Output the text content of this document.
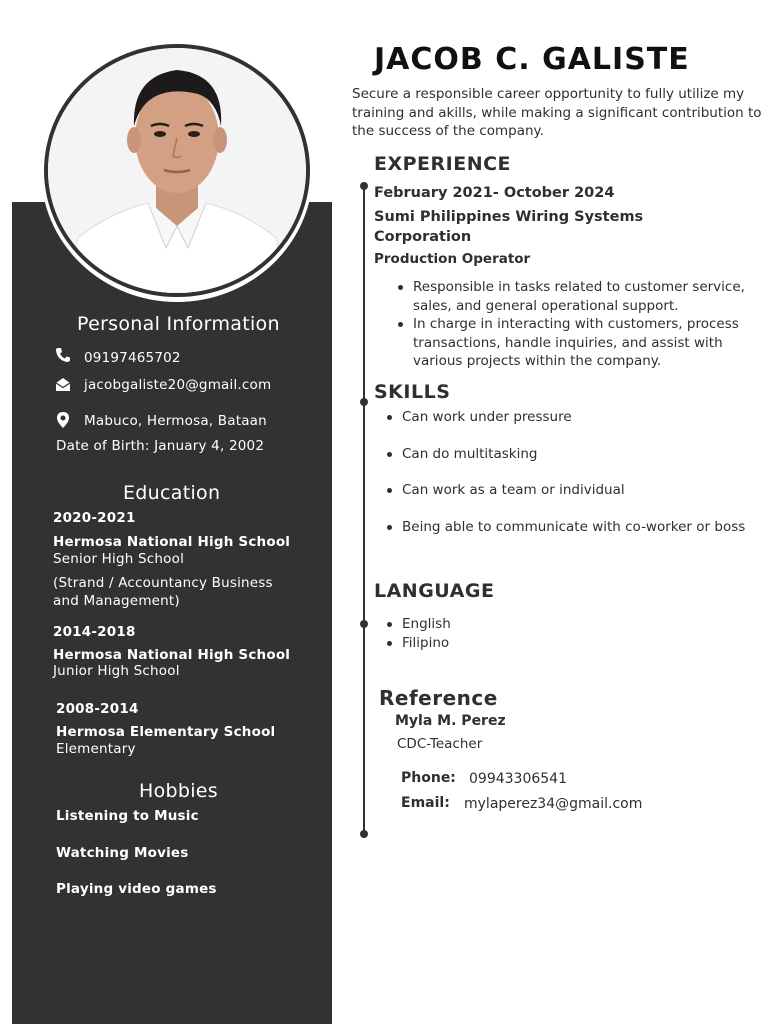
Personal Information
09197465702
jacobgaliste20@gmail.com
Mabuco, Hermosa, Bataan
Date of Birth: January 4, 2002
Education
2020-2021
Hermosa National High School
Senior High School
(Strand / Accountancy Business and Management)
2014-2018
Hermosa National High School
Junior High School
2008-2014
Hermosa Elementary School
Elementary
Hobbies
Listening to Music
Watching Movies
Playing video games
JACOB C. GALISTE
Secure a responsible career opportunity to fully utilize my training and akills, while making a significant contribution to the success of the company.
EXPERIENCE
February 2021- October 2024
Sumi Philippines Wiring Systems Corporation
Production Operator
Responsible in tasks related to customer service, sales, and general operational support.
In charge in interacting with customers, process transactions, handle inquiries, and assist with various projects within the company.
SKILLS
Can work under pressure
Can do multitasking
Can work as a team or individual
Being able to communicate with co-worker or boss
LANGUAGE
English
Filipino
Reference
Myla M. Perez
CDC-Teacher
Phone: 09943306541
Email: mylaperez34@gmail.com
